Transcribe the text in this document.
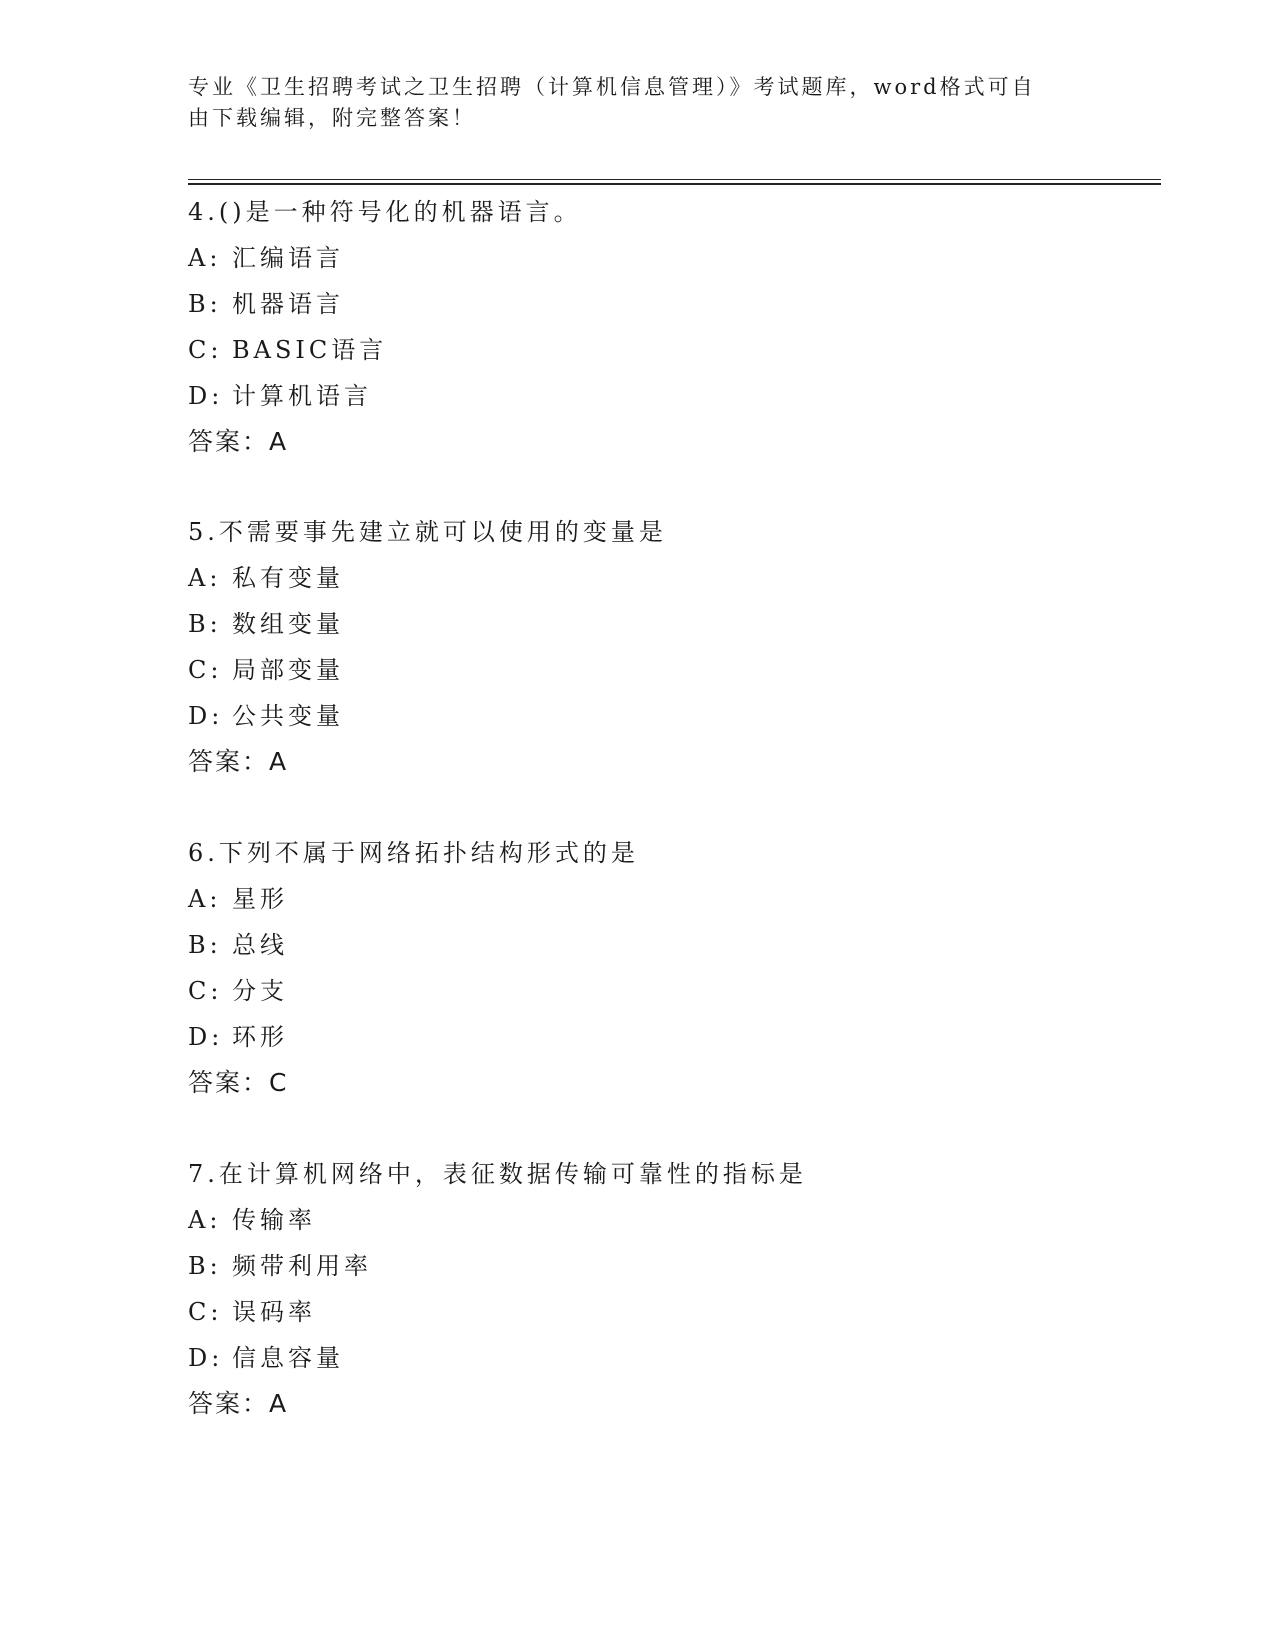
专业《卫生招聘考试之卫生招聘（计算机信息管理）》考试题库，word格式可自
由下载编辑，附完整答案！
4.()是一种符号化的机器语言。
A: 汇编语言
B: 机器语言
C: BASIC语言
D: 计算机语言
答案：A
5.不需要事先建立就可以使用的变量是
A: 私有变量
B: 数组变量
C: 局部变量
D: 公共变量
答案：A
6.下列不属于网络拓扑结构形式的是
A: 星形
B: 总线
C: 分支
D: 环形
答案：C
7.在计算机网络中，表征数据传输可靠性的指标是
A: 传输率
B: 频带利用率
C: 误码率
D: 信息容量
答案：A
